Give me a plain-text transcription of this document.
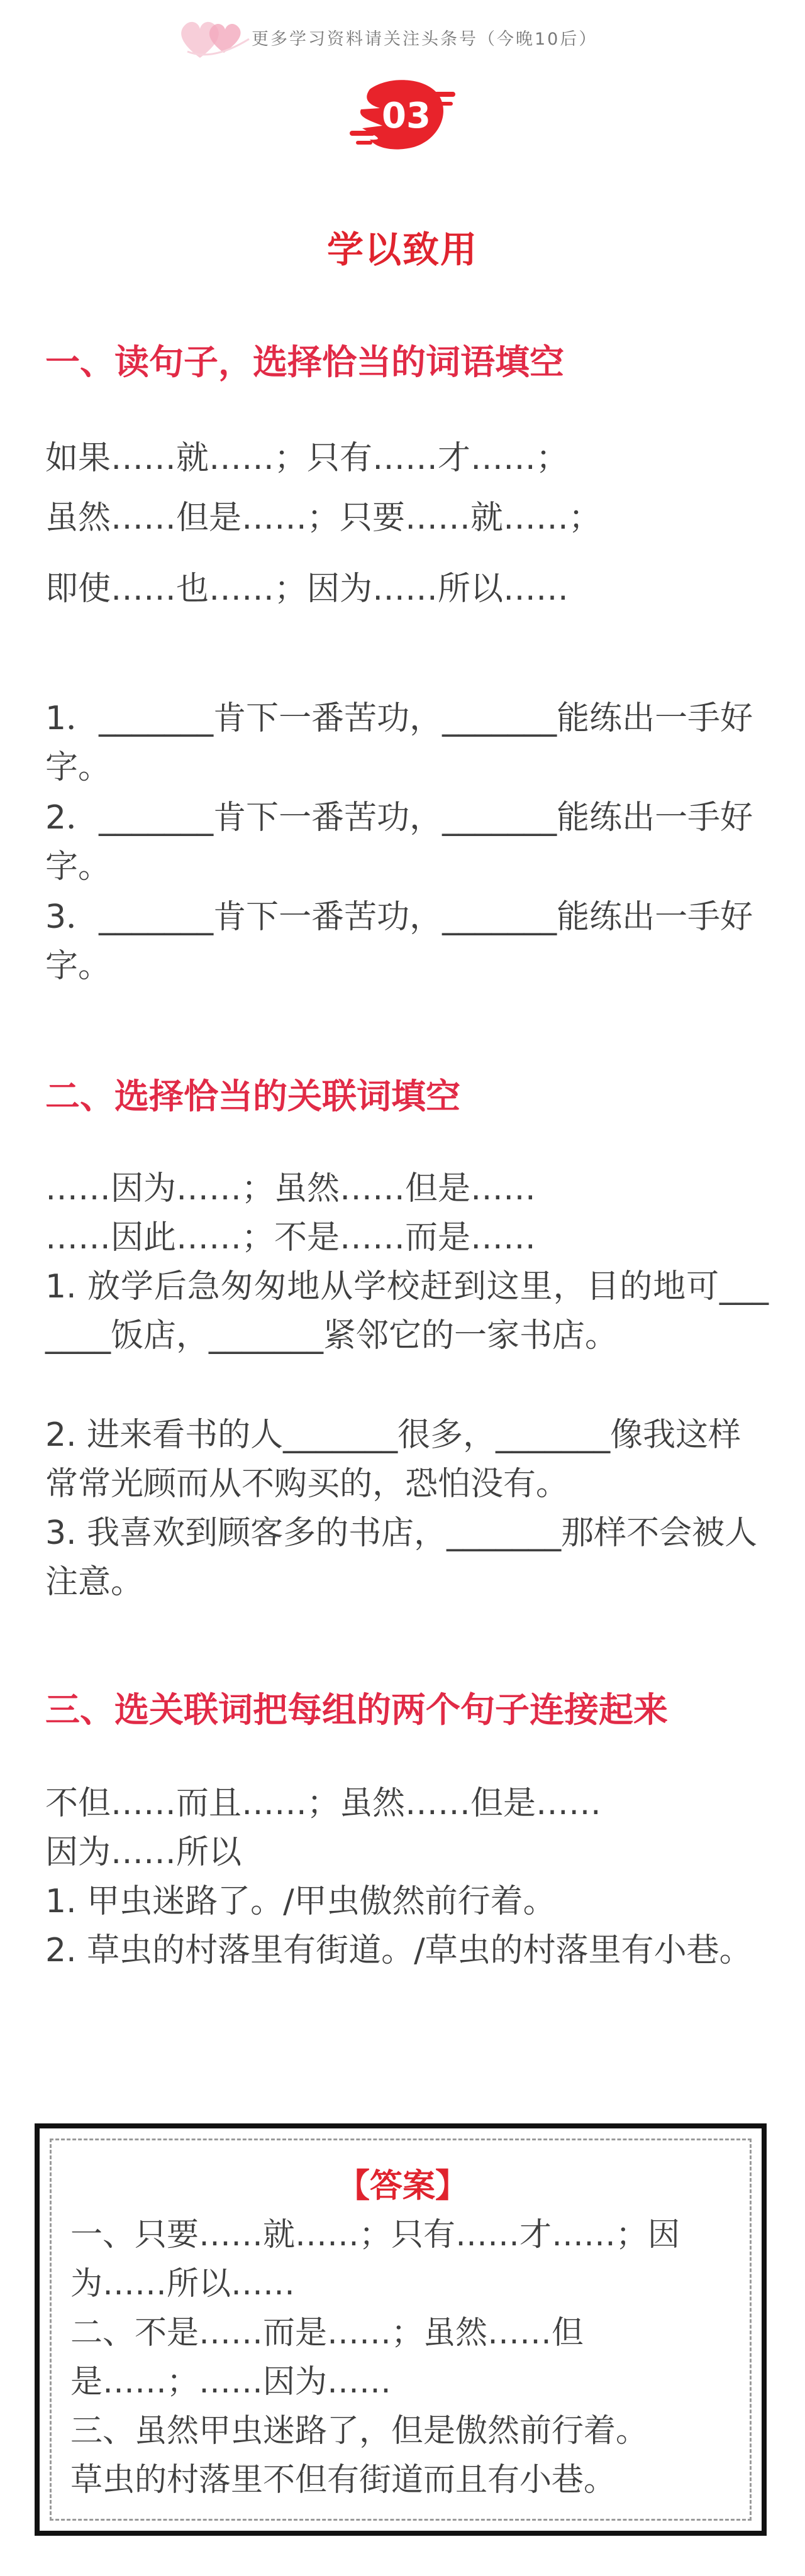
更多学习资料请关注头条号（今晚10后）
03
学以致用
一、读句子，选择恰当的词语填空
如果……就……；只有……才……；
虽然……但是……；只要……就……；
即使……也……；因为……所以……
1．_______肯下一番苦功，_______能练出一手好字。
2．_______肯下一番苦功，_______能练出一手好字。
3．_______肯下一番苦功，_______能练出一手好字。
二、选择恰当的关联词填空
……因为……；虽然……但是……
……因此……；不是……而是……
1. 放学后急匆匆地从学校赶到这里，目的地可_______饭店，_______紧邻它的一家书店。
2. 进来看书的人_______很多，_______像我这样常常光顾而从不购买的，恐怕没有。
3. 我喜欢到顾客多的书店，_______那样不会被人注意。
三、选关联词把每组的两个句子连接起来
不但……而且……；虽然……但是……
因为……所以
1. 甲虫迷路了。/甲虫傲然前行着。
2. 草虫的村落里有街道。/草虫的村落里有小巷。
【答案】
一、只要……就……；只有……才……；因为……所以……
二、不是……而是……；虽然……但是……；……因为……
三、虽然甲虫迷路了，但是傲然前行着。
草虫的村落里不但有街道而且有小巷。
